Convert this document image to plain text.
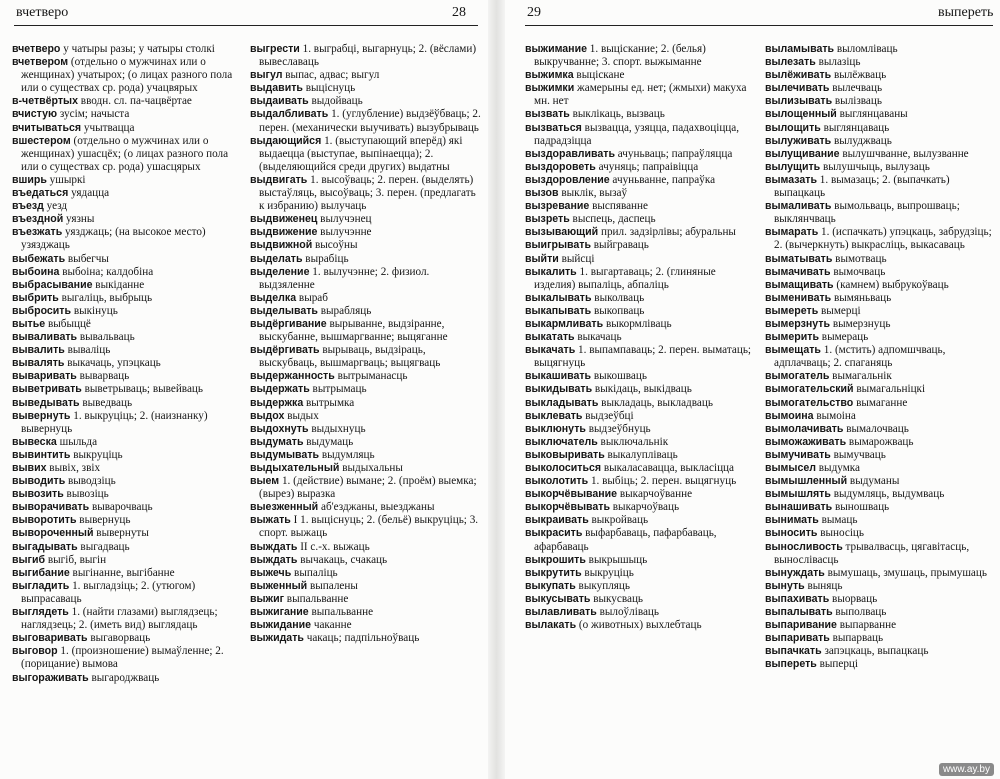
вчетверо	28

вчетверо у чатыры разы; у чатыры столкі

вчетвером (отдельно о мужчинах или о женщинах) учатырох; (о лицах разного пола или о существах ср. рода) учацвярых

в-четвёртых вводн. сл. па-чацвёртае

вчистую зусім; начыста

вчитываться учытвацца

вшестером (отдельно о мужчинах или о женщинах) ушасцёх; (о лицах разного пола или о существах ср. рода) ушасцярых

вширь ушыркі

въедаться уядацца

въезд уезд

въездной уязны

въезжать уязджаць; (на высокое место) узязджаць

выбежать выбегчы

выбоина выбоіна; калдобіна

выбрасывание выкіданне

выбрить выгаліць, выбрыць

выбросить выкінуць

вытье выбыццё

вываливать вывальваць

вывалить вываліць

вывалять выкачаць, упэцкаць

вываривать выварваць

выветривать выветрываць; вывейваць

выведывать выведваць

вывернуть 1. выкруціць; 2. (наизнанку) вывернуць

вывеска шыльда

вывинтить выкруціць

вывих вывіх, звіх

выводить выводзіць

вывозить вывозіць

выворачивать выварочваць

выворотить вывернуць

вывороченный вывернуты

выгадывать выгадваць

выгиб выгіб, выгін

выгибание выгінанне, выгібанне

выгладить 1. выгладзіць; 2. (утюгом) выпрасаваць

выглядеть 1. (найти глазами) выглядзець; наглядзець; 2. (иметь вид) выглядаць

выговаривать выгаворваць

выговор 1. (произношение) вымаўленне; 2. (порицание) вымова

выгораживать выгароджваць

выгрести 1. выграбці, выгарнуць; 2. (вёслами) вывеславаць

выгул выпас, адвас; выгул

выдавить выціснуць

выдаивать выдойваць

выдалбливать 1. (углубление) выдзёўбваць; 2. перен. (механически выучивать) вызубрываць

выдающийся 1. (выступающий вперёд) які выдаецца (выступае, выпінаецца); 2. (выделяющийся среди других) выдатны

выдвигать 1. высоўваць; 2. перен. (выделять) выстаўляць, высоўваць; 3. перен. (предлагать к избранию) вылучаць

выдвиженец вылучэнец

выдвижение вылучэнне

выдвижной высоўны

выделать вырабіць

выделение 1. вылучэнне; 2. физиол. выдзяленне

выделка выраб

выделывать вырабляць

выдёргивание вырыванне, выдзіранне, выскубанне, вышмаргванне; выцяганне

выдёргивать вырываць, выдзіраць, выскубваць, вышмаргваць; выцягваць

выдержанность вытрыманасць

выдержать вытрымаць

выдержка вытрымка

выдох выдых

выдохнуть выдыхнуць

выдумать выдумаць

выдумывать выдумляць

выдыхательный выдыхальны

выем 1. (действие) вымане; 2. (проём) выемка; (вырез) выразка

выезженный аб'езджаны, выезджаны

выжать I 1. выціснуць; 2. (бельё) выкруціць; 3. спорт. выжаць

выждать II с.-х. выжаць

выждать вычакаць, счакаць

выжечь выпаліць

выженный выпалены

выжиг выпальванне

выжигание выпальванне

выжидание чаканне

выжидать чакаць; падпільноўваць

29	выпереть

выжимание 1. выціскание; 2. (белья) выкручванне; 3. спорт. выжыманне

выжимка выціскане

выжимки жамерыны ед. нет; (жмыхи) макуха мн. нет

вызвать выклікаць, вызваць

вызваться вызвацца, узяцца, падахвоціцца, падрадзіцца

выздоравливать ачуньваць; папраўляцца

выздороветь ачуняць; папраівіцца

выздоровление ачуньванне, папраўка

вызов выклік, вызаў

вызревание выспяванне

вызреть выспець, даспець

вызывающий прил. задзірлівы; абуральны

выигрывать выйграваць

выйти выйсці

выкалить 1. выгартаваць; 2. (глиняные изделия) выпаліць, абпаліць

выкалывать выколваць

выкапывать выкопваць

выкармливать выкормліваць

выкатать выкачаць

выкачать 1. выпампаваць; 2. перен. выматаць; выцягнуць

выкашивать выкошваць

выкидывать выкідаць, выкідваць

выкладывать выкладаць, выкладваць

выклевать выдзеўбці

выклюнуть выдзеўбнуць

выключатель выключальнік

выковыривать выкалупліваць

выколоситься выкаласавацца, выкласіцца

выколотить 1. выбіць; 2. перен. выцягнуць

выкорчёвывание выкарчоўванне

выкорчёвывать выкарчоўваць

выкраивать выкройваць

выкрасить выфарбаваць, пафарбаваць, афарбаваць

выкрошить выкрышыць

выкрутить выкруціць

выкупать выкупляць

выкусывать выкусваць

вылавливать вылоўліваць

вылакать (о животных) выхлебтаць

выламывать выломліваць

вылезать вылазіць

вылёживать вылёжваць

вылечивать вылечваць

вылизывать вылізваць

вылощенный выглянцаваны

вылощить выглянцаваць

вылуживать вылуджваць

вылущивание вылушчванне, вылузванне

вылущить вылушчыць, вылузаць

вымазать 1. вымазаць; 2. (выпачкать) выпацкаць

вымаливать вымольваць, выпрошваць; выклянчваць

вымарать 1. (испачкать) упэцкаць, забрудзіць; 2. (вычеркнуть) выкрасліць, выкасаваць

выматывать вымотваць

вымачивать вымочваць

вымащивать (камнем) выбрукоўваць

выменивать вымяньваць

вымереть вымерці

вымерзнуть вымерзнуць

вымерить вымераць

вымещать 1. (мстить) адпомшчваць, адплачваць; 2. спаганяць

вымогатель вымагальнік

вымогательский вымагальніцкі

вымогательство вымаганне

вымоина вымоіна

вымолачивать вымалочваць

выможаживать вымарожваць

вымучивать вымучваць

вымысел выдумка

вымышленный выдуманы

вымышлять выдумляць, выдумваць

вынашивать выношваць

вынимать вымаць

выносить выносіць

выносливость трывалвасць, цягавітасць, вынослівасць

вынуждать вымушаць, змушаць, прымушаць

вынуть выняць

выпахивать выорваць

выпалывать выполваць

выпаривание выпарванне

выпаривать выпарваць

выпачкать запэцкаць, выпацкаць

выпереть выперці

www.ay.by
